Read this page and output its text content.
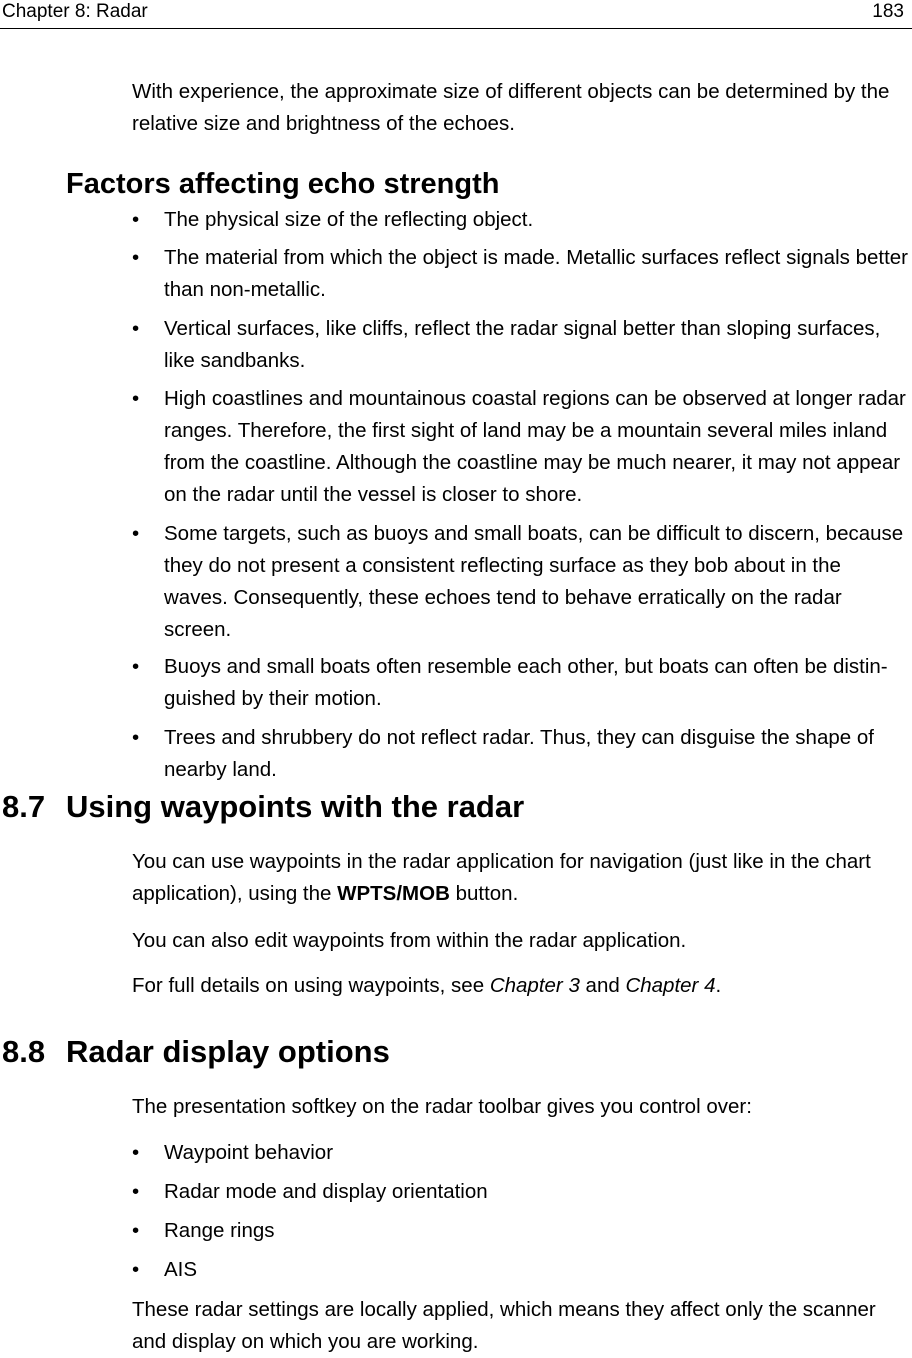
Chapter 8: Radar	183

With experience, the approximate size of different objects can be determined by the relative size and brightness of the echoes.

Factors affecting echo strength
• The physical size of the reflecting object.
• The material from which the object is made. Metallic surfaces reflect signals better than non-metallic.
• Vertical surfaces, like cliffs, reflect the radar signal better than sloping surfaces, like sandbanks.
• High coastlines and mountainous coastal regions can be observed at longer radar ranges. Therefore, the first sight of land may be a mountain several miles inland from the coastline. Although the coastline may be much nearer, it may not appear on the radar until the vessel is closer to shore.
• Some targets, such as buoys and small boats, can be difficult to discern, because they do not present a consistent reflecting surface as they bob about in the waves. Consequently, these echoes tend to behave erratically on the radar screen.
• Buoys and small boats often resemble each other, but boats can often be distin-guished by their motion.
• Trees and shrubbery do not reflect radar. Thus, they can disguise the shape of nearby land.
8.7 Using waypoints with the radar

You can use waypoints in the radar application for navigation (just like in the chart application), using the WPTS/MOB button.

You can also edit waypoints from within the radar application.

For full details on using waypoints, see Chapter 3 and Chapter 4.

8.8 Radar display options

The presentation softkey on the radar toolbar gives you control over:

• Waypoint behavior
• Radar mode and display orientation
• Range rings
• AIS

These radar settings are locally applied, which means they affect only the scanner and display on which you are working.
